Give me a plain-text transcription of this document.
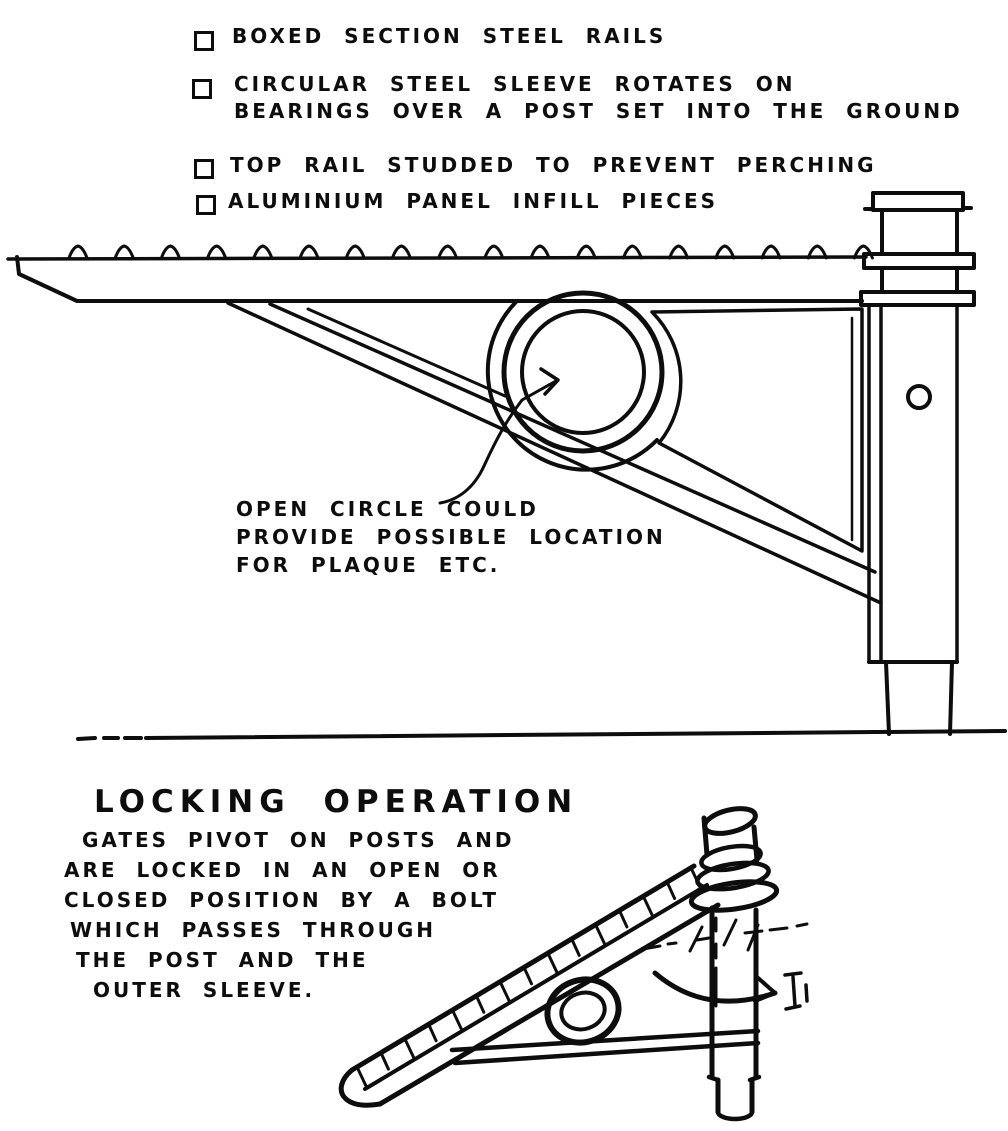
BOXED SECTION STEEL RAILS
CIRCULAR STEEL SLEEVE ROTATES ON
BEARINGS OVER A POST SET INTO THE GROUND
TOP RAIL STUDDED TO PREVENT PERCHING
ALUMINIUM PANEL INFILL PIECES
OPEN CIRCLE COULD
PROVIDE POSSIBLE LOCATION
FOR PLAQUE ETC.
LOCKING OPERATION
GATES PIVOT ON POSTS AND
ARE LOCKED IN AN OPEN OR
CLOSED POSITION BY A BOLT
WHICH PASSES THROUGH
THE POST AND THE
OUTER SLEEVE.
